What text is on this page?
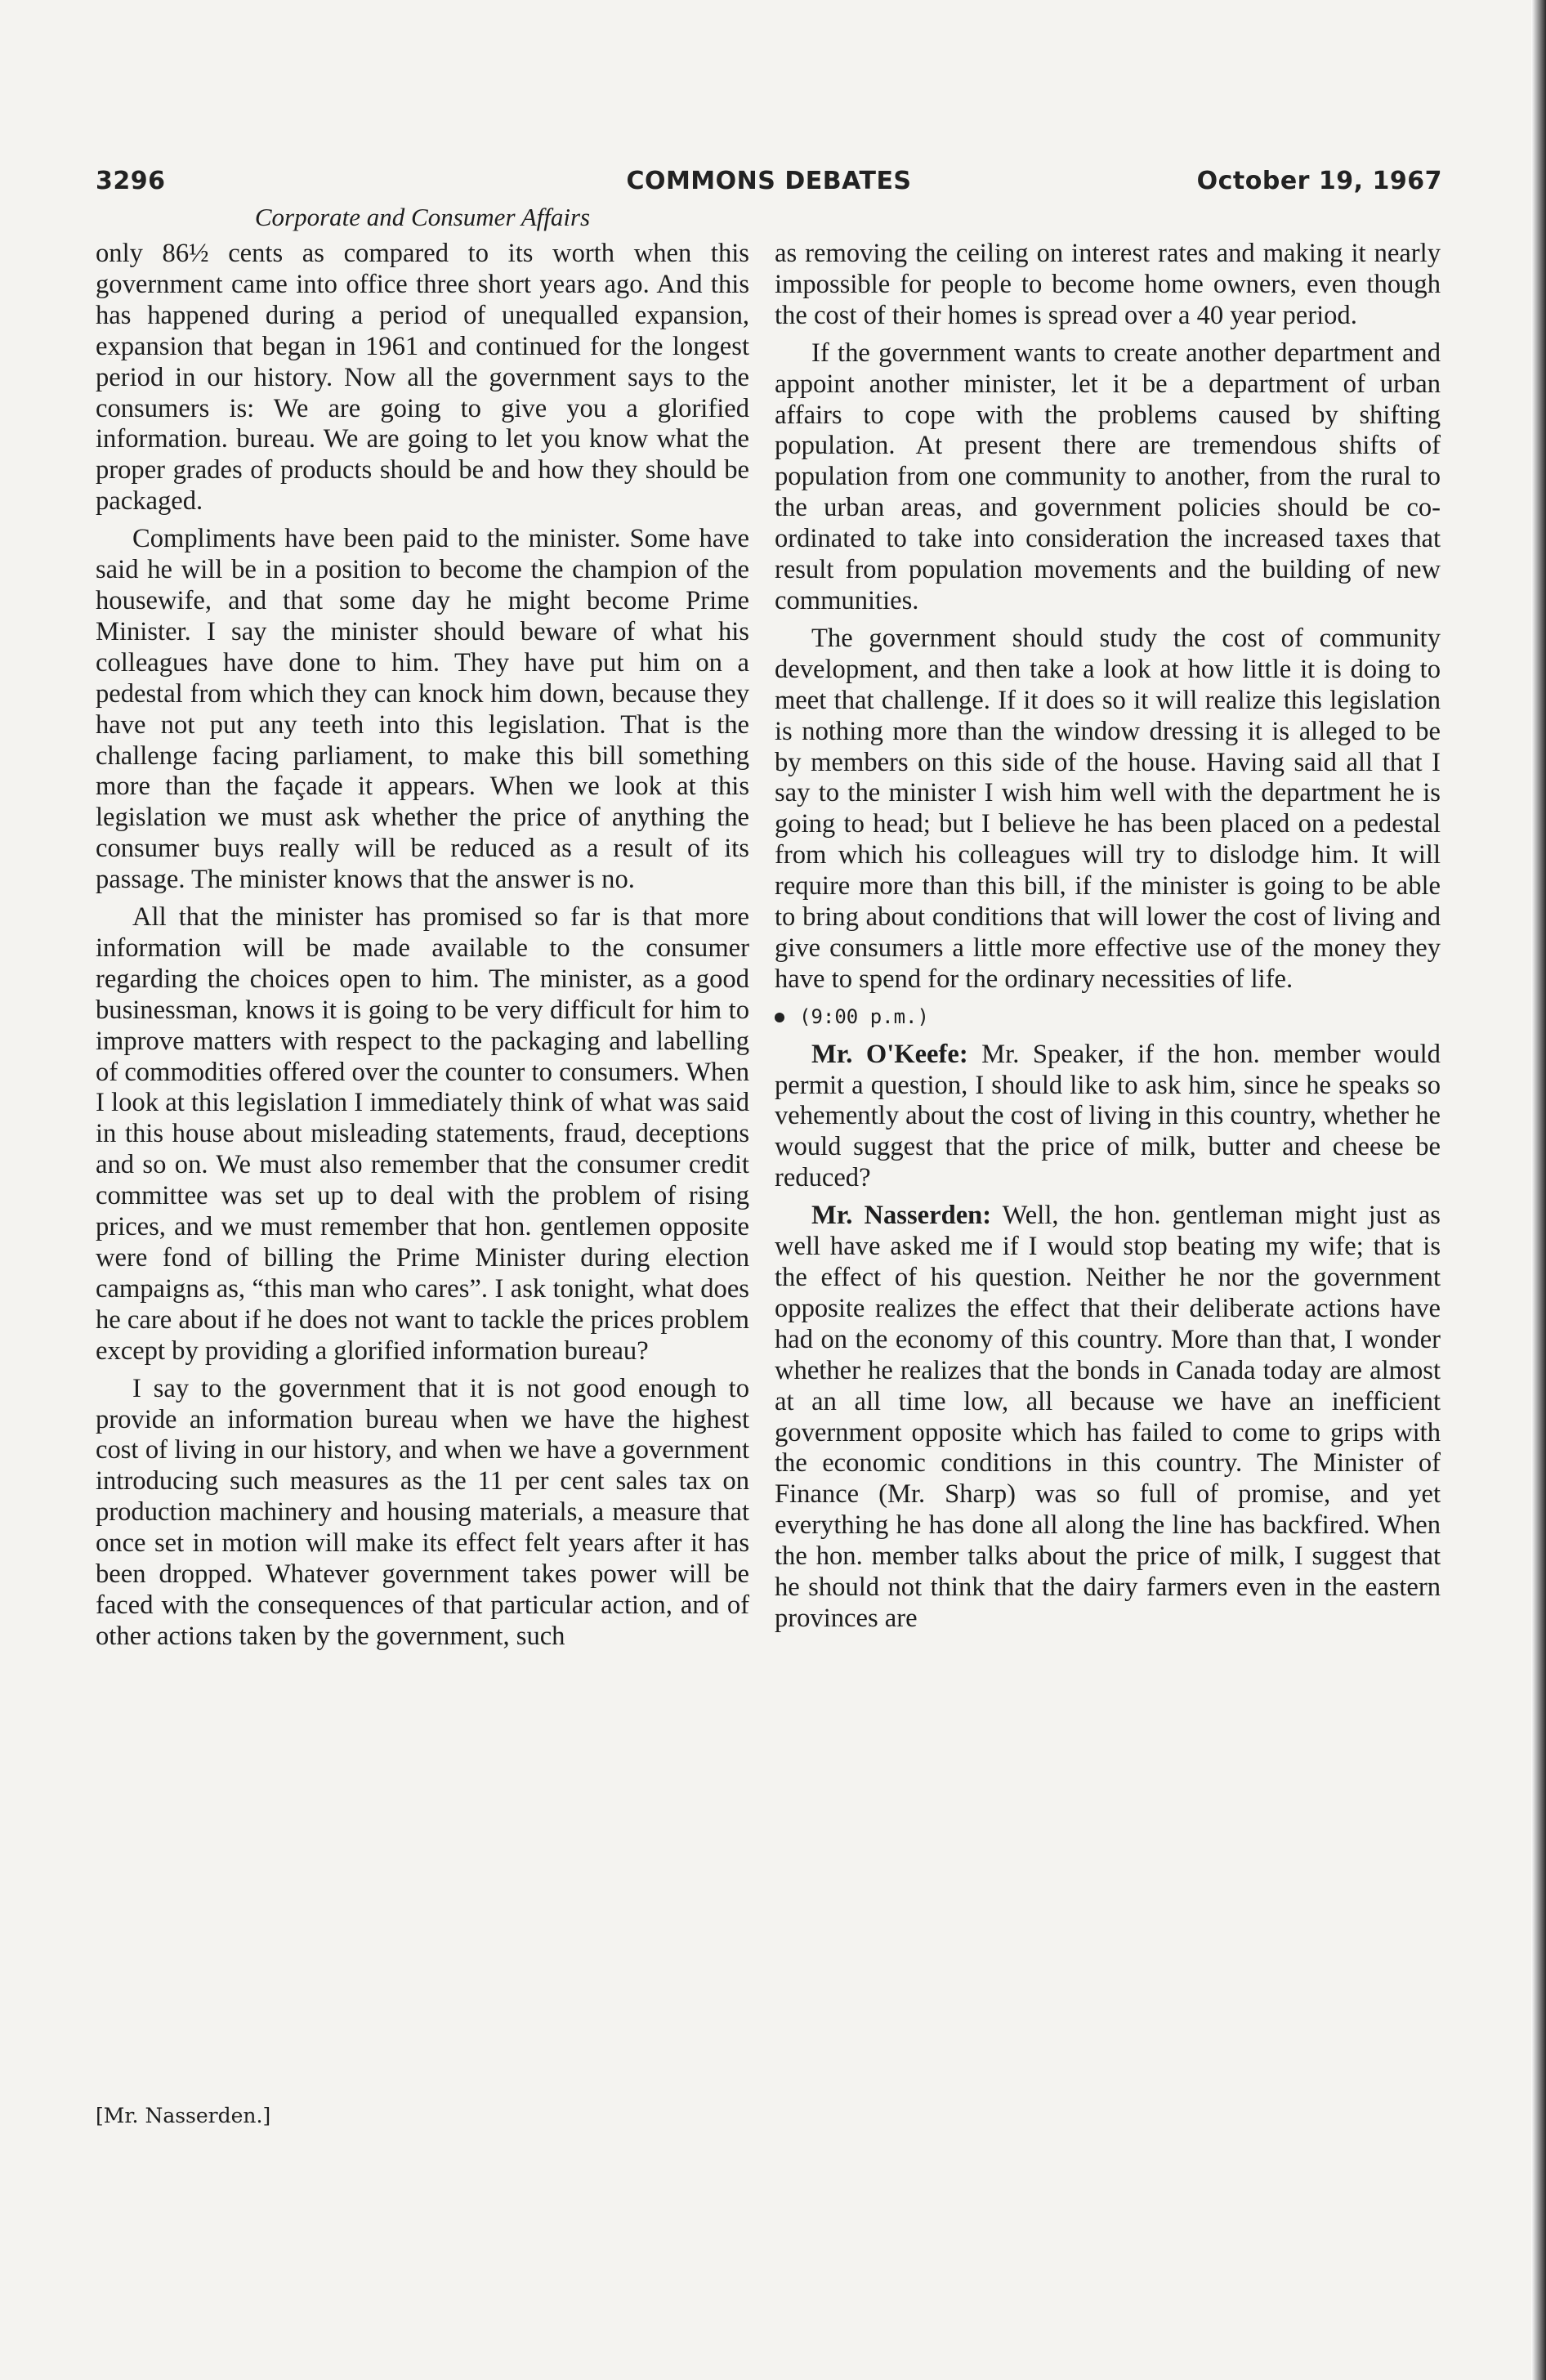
3296	COMMONS DEBATES	October 19, 1967
Corporate and Consumer Affairs

only 86½ cents as compared to its worth when this government came into office three short years ago. And this has happened during a period of unequalled expansion, expansion that began in 1961 and continued for the longest period in our history. Now all the government says to the consumers is: We are going to give you a glorified information. bureau. We are going to let you know what the proper grades of products should be and how they should be packaged.

Compliments have been paid to the minister. Some have said he will be in a position to become the champion of the housewife, and that some day he might become Prime Minister. I say the minister should beware of what his colleagues have done to him. They have put him on a pedestal from which they can knock him down, because they have not put any teeth into this legislation. That is the challenge facing parliament, to make this bill something more than the façade it appears. When we look at this legislation we must ask whether the price of anything the consumer buys really will be reduced as a result of its passage. The minister knows that the answer is no.

All that the minister has promised so far is that more information will be made available to the consumer regarding the choices open to him. The minister, as a good businessman, knows it is going to be very difficult for him to improve matters with respect to the packaging and labelling of commodities offered over the counter to consumers. When I look at this legislation I immediately think of what was said in this house about misleading statements, fraud, deceptions and so on. We must also remember that the consumer credit committee was set up to deal with the problem of rising prices, and we must remember that hon. gentlemen opposite were fond of billing the Prime Minister during election campaigns as, “this man who cares”. I ask tonight, what does he care about if he does not want to tackle the prices problem except by providing a glorified information bureau?

I say to the government that it is not good enough to provide an information bureau when we have the highest cost of living in our history, and when we have a government introducing such measures as the 11 per cent sales tax on production machinery and housing materials, a measure that once set in motion will make its effect felt years after it has been dropped. Whatever government takes power will be faced with the consequences of that particular action, and of other actions taken by the government, such

as removing the ceiling on interest rates and making it nearly impossible for people to become home owners, even though the cost of their homes is spread over a 40 year period.

If the government wants to create another department and appoint another minister, let it be a department of urban affairs to cope with the problems caused by shifting population. At present there are tremendous shifts of population from one community to another, from the rural to the urban areas, and government policies should be co-ordinated to take into consideration the increased taxes that result from population movements and the building of new communities.

The government should study the cost of community development, and then take a look at how little it is doing to meet that challenge. If it does so it will realize this legislation is nothing more than the window dressing it is alleged to be by members on this side of the house. Having said all that I say to the minister I wish him well with the department he is going to head; but I believe he has been placed on a pedestal from which his colleagues will try to dislodge him. It will require more than this bill, if the minister is going to be able to bring about conditions that will lower the cost of living and give consumers a little more effective use of the money they have to spend for the ordinary necessities of life.

(9:00 p.m.)

Mr. O'Keefe: Mr. Speaker, if the hon. member would permit a question, I should like to ask him, since he speaks so vehemently about the cost of living in this country, whether he would suggest that the price of milk, butter and cheese be reduced?

Mr. Nasserden: Well, the hon. gentleman might just as well have asked me if I would stop beating my wife; that is the effect of his question. Neither he nor the government opposite realizes the effect that their deliberate actions have had on the economy of this country. More than that, I wonder whether he realizes that the bonds in Canada today are almost at an all time low, all because we have an inefficient government opposite which has failed to come to grips with the economic conditions in this country. The Minister of Finance (Mr. Sharp) was so full of promise, and yet everything he has done all along the line has backfired. When the hon. member talks about the price of milk, I suggest that he should not think that the dairy farmers even in the eastern provinces are

[Mr. Nasserden.]
